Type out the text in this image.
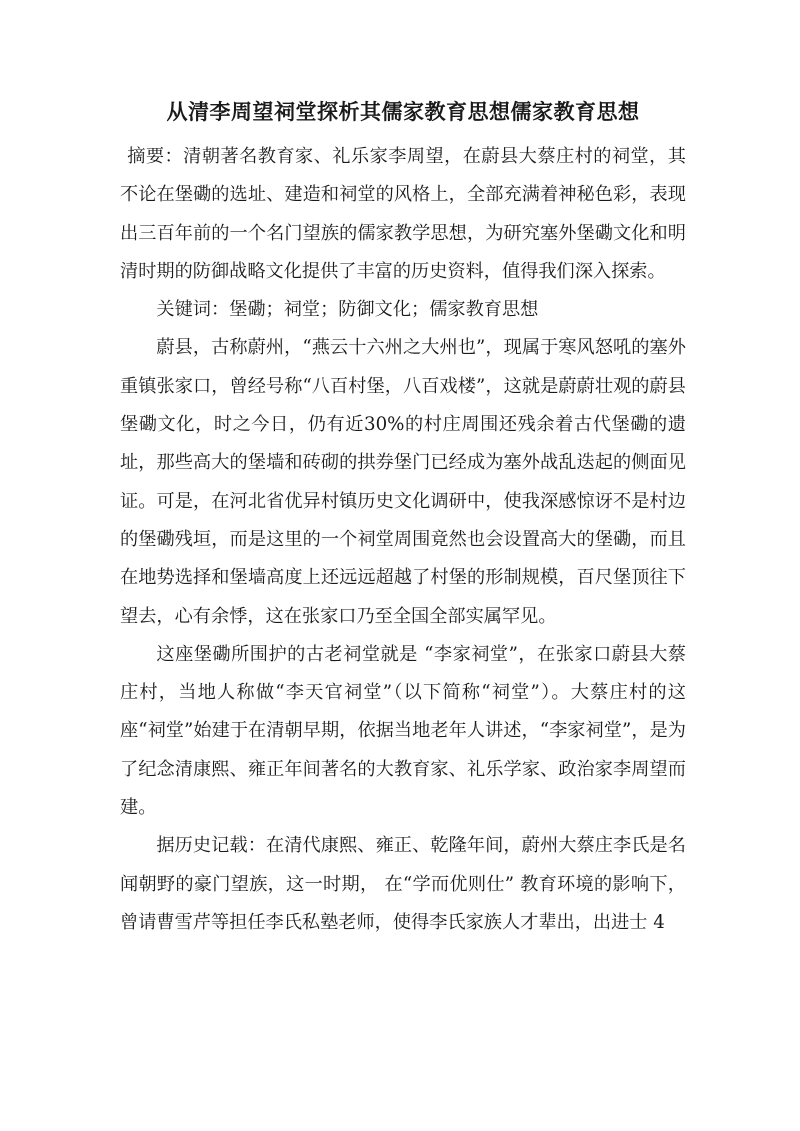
从清李周望祠堂探析其儒家教育思想儒家教育思想

摘要：清朝著名教育家、礼乐家李周望，在蔚县大蔡庄村的祠堂，其不论在堡磡的选址、建造和祠堂的风格上，全部充满着神秘色彩，表现出三百年前的一个名门望族的儒家教学思想，为研究塞外堡磡文化和明清时期的防御战略文化提供了丰富的历史资料，值得我们深入探索。

关键词：堡磡；祠堂；防御文化；儒家教育思想

蔚县，古称蔚州，“燕云十六州之大州也”，现属于寒风怒吼的塞外重镇张家口，曾经号称“八百村堡，八百戏楼”，这就是蔚蔚壮观的蔚县堡磡文化，时之今日，仍有近30%的村庄周围还残余着古代堡磡的遗址，那些高大的堡墙和砖砌的拱券堡门已经成为塞外战乱迭起的侧面见证。可是，在河北省优异村镇历史文化调研中，使我深感惊讶不是村边的堡磡残垣，而是这里的一个祠堂周围竟然也会设置高大的堡磡，而且在地势选择和堡墙高度上还远远超越了村堡的形制规模，百尺堡顶往下望去，心有余悸，这在张家口乃至全国全部实属罕见。

这座堡磡所围护的古老祠堂就是 “李家祠堂”，在张家口蔚县大蔡庄村，当地人称做“李天官祠堂”（以下简称“祠堂”）。大蔡庄村的这座“祠堂”始建于在清朝早期，依据当地老年人讲述，“李家祠堂”，是为了纪念清康熙、雍正年间著名的大教育家、礼乐学家、政治家李周望而建。

据历史记载：在清代康熙、雍正、乾隆年间，蔚州大蔡庄李氏是名闻朝野的豪门望族，这一时期， 在“学而优则仕” 教育环境的影响下，曾请曹雪芹等担任李氏私塾老师，使得李氏家族人才辈出，出进士 4
